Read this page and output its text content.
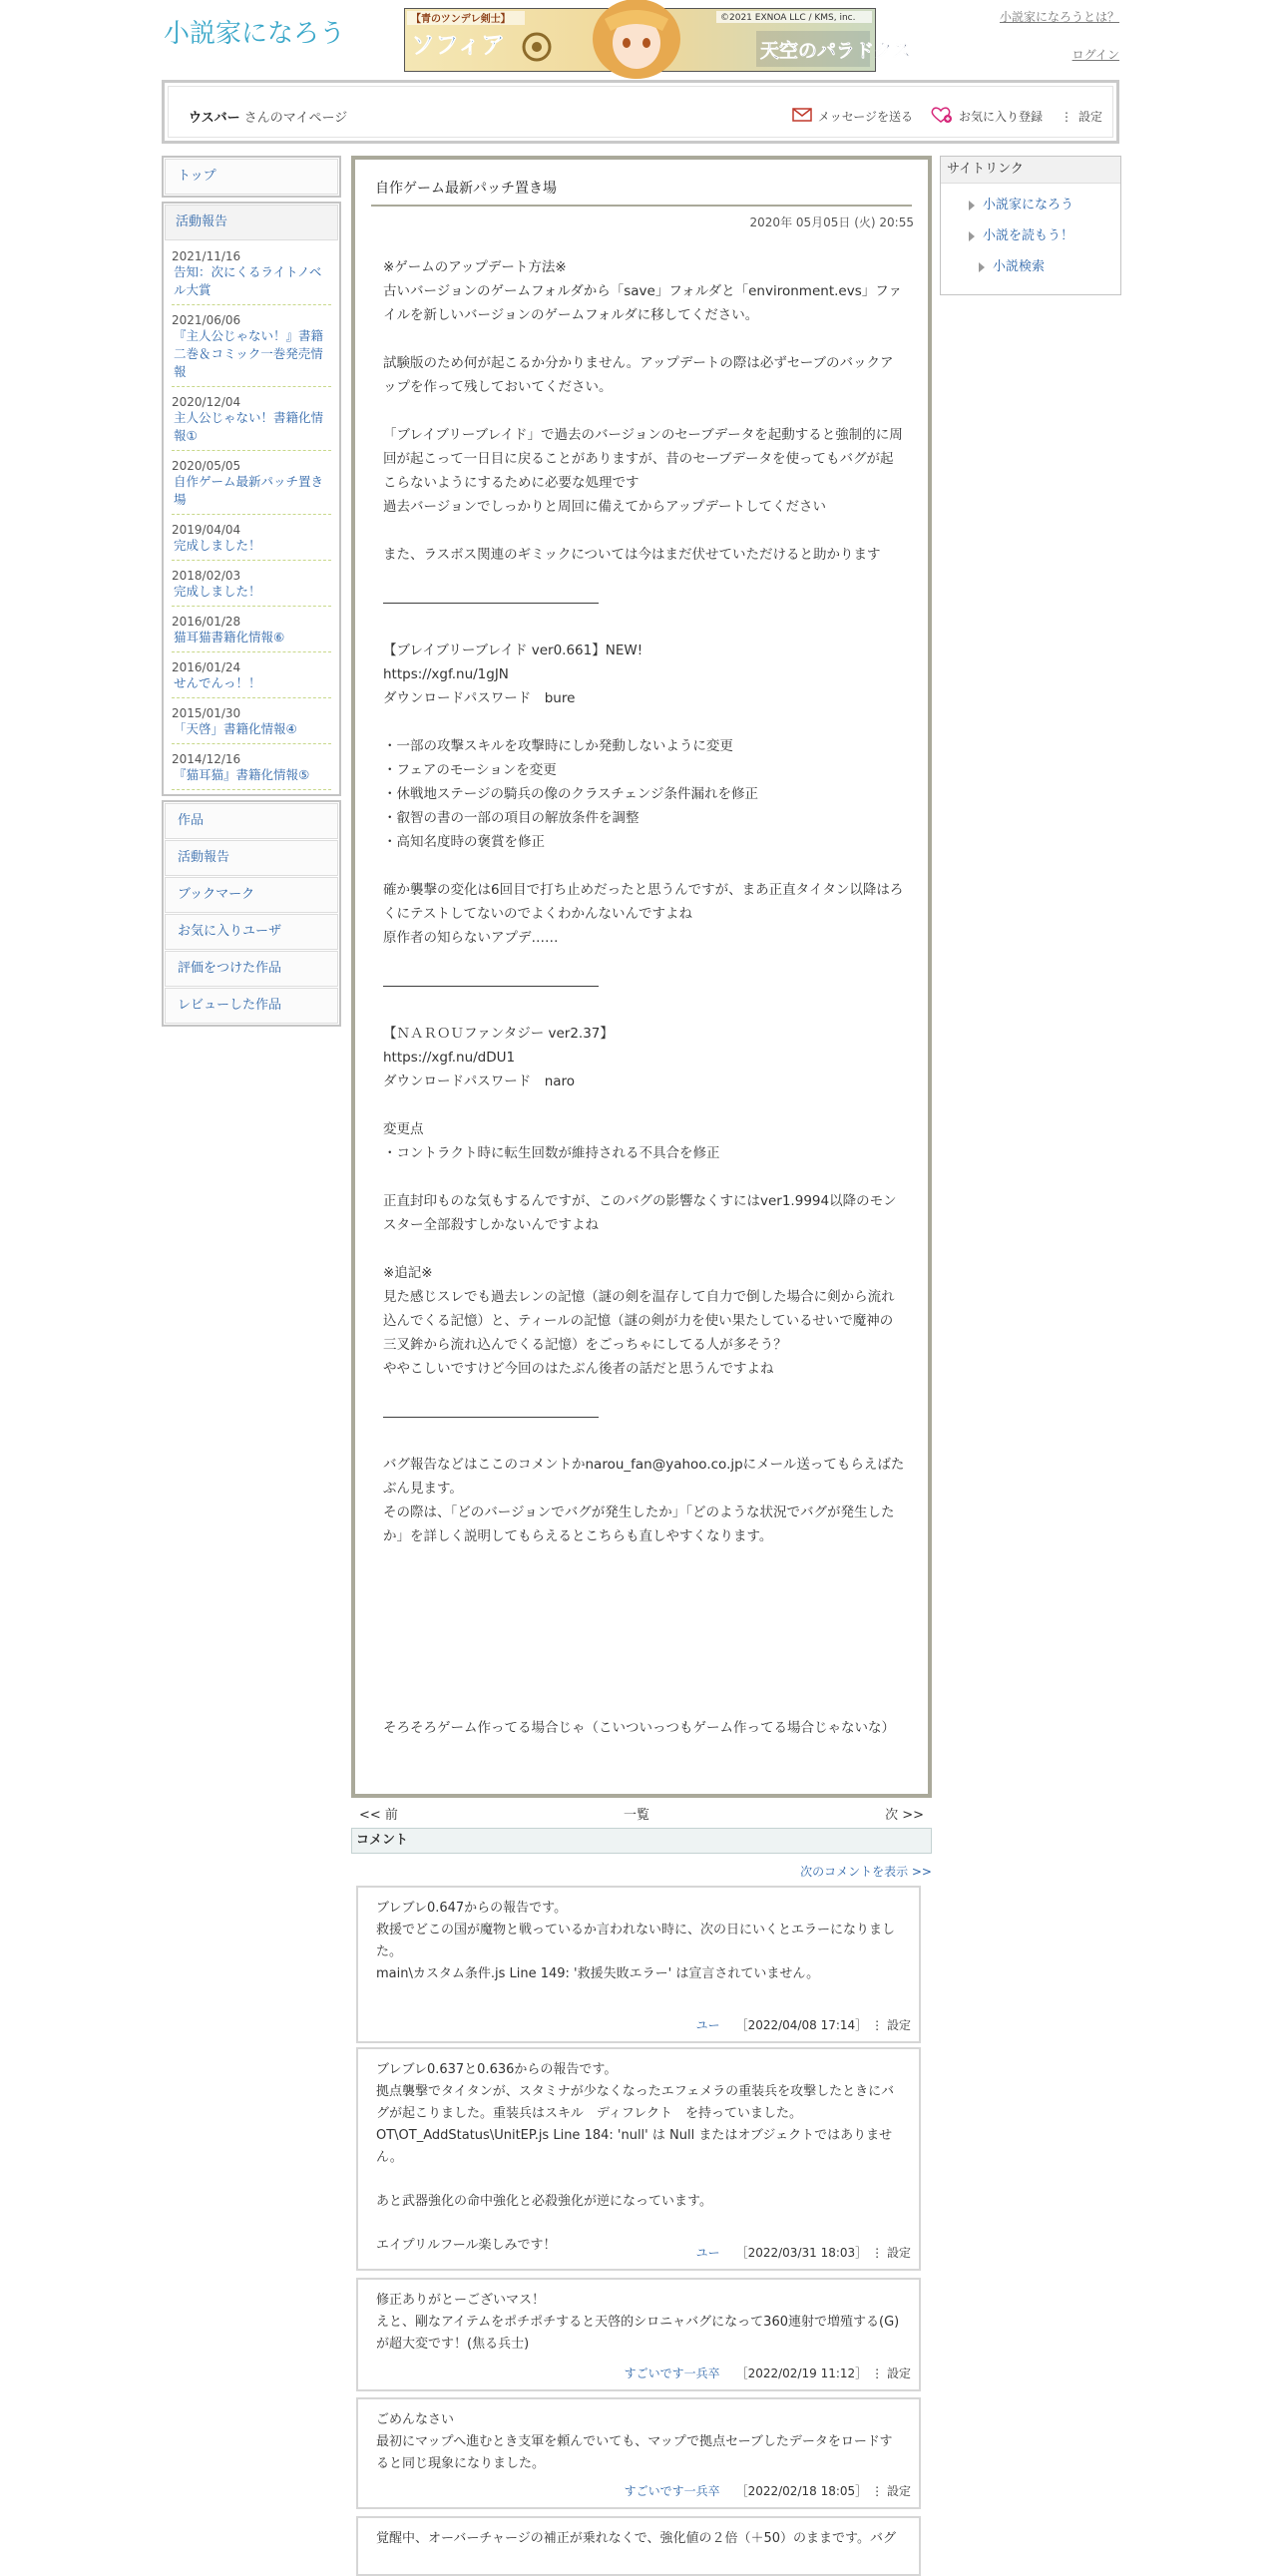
小説家になろう	【青のツンデレ剣士】
ソフィア
©2021 EXNOA LLC / KMS, inc.
天空のパラドクス
小説家になろうとは？
ログイン
ウスバー さんのマイページ	メッセージを送る	お気に入り登録 ⋮ 設定
トップ
活動報告
2021/11/16
告知：次にくるライトノベル大賞
2021/06/06
『主人公じゃない！』書籍二巻＆コミック一巻発売情報
2020/12/04
主人公じゃない！書籍化情報①
2020/05/05
自作ゲーム最新パッチ置き場
2019/04/04
完成しました！
2018/02/03
完成しました！
2016/01/28
猫耳猫書籍化情報⑥
2016/01/24
せんでんっ！！
2015/01/30
「天啓」書籍化情報④
2014/12/16
『猫耳猫』書籍化情報⑤
作品
活動報告
ブックマーク
お気に入りユーザ
評価をつけた作品
レビューした作品
自作ゲーム最新パッチ置き場
2020年 05月05日 (火) 20:55

※ゲームのアップデート方法※
古いバージョンのゲームフォルダから「save」フォルダと「environment.evs」ファイルを新しいバージョンのゲームフォルダに移してください。

試験版のため何が起こるか分かりません。アップデートの際は必ずセーブのバックアップを作って残しておいてください。

「ブレイブリーブレイド」で過去のバージョンのセーブデータを起動すると強制的に周回が起こって一日目に戻ることがありますが、昔のセーブデータを使ってもバグが起こらないようにするために必要な処理です
過去バージョンでしっかりと周回に備えてからアップデートしてください

また、ラスボス関連のギミックについては今はまだ伏せていただけると助かります

――――――――――――――――

【ブレイブリーブレイド ver0.661】NEW!
https://xgf.nu/1gJN
ダウンロードパスワード　bure

・一部の攻撃スキルを攻撃時にしか発動しないように変更
・フェアのモーションを変更
・休戦地ステージの騎兵の像のクラスチェンジ条件漏れを修正
・叡智の書の一部の項目の解放条件を調整
・高知名度時の褒賞を修正

確か襲撃の変化は6回目で打ち止めだったと思うんですが、まあ正直タイタン以降はろくにテストしてないのでよくわかんないんですよね
原作者の知らないアプデ……

――――――――――――――――

【ＮＡＲＯＵファンタジー ver2.37】
https://xgf.nu/dDU1
ダウンロードパスワード　naro

変更点
・コントラクト時に転生回数が維持される不具合を修正

正直封印ものな気もするんですが、このバグの影響なくすにはver1.9994以降のモンスター全部殺すしかないんですよね

※追記※
見た感じスレでも過去レンの記憶（謎の剣を温存して自力で倒した場合に剣から流れ込んでくる記憶）と、ティールの記憶（謎の剣が力を使い果たしているせいで魔神の三叉鉾から流れ込んでくる記憶）をごっちゃにしてる人が多そう？
ややこしいですけど今回のはたぶん後者の話だと思うんですよね

――――――――――――――――

バグ報告などはここのコメントかnarou_fan@yahoo.co.jpにメール送ってもらえばたぶん見ます。
その際は、「どのバージョンでバグが発生したか」「どのような状況でバグが発生したか」を詳しく説明してもらえるとこちらも直しやすくなります。

そろそろゲーム作ってる場合じゃ（こいついっつもゲーム作ってる場合じゃないな）

<< 前	一覧	次 >>
コメント
次のコメントを表示 >>
ブレブレ0.647からの報告です。
救援でどこの国が魔物と戦っているか言われない時に、次の日にいくとエラーになりました。
main\カスタム条件.js Line 149: '救援失敗エラー' は宣言されていません。
ユー ［2022/04/08 17:14］ ⋮ 設定
ブレブレ0.637と0.636からの報告です。
拠点襲撃でタイタンが、スタミナが少なくなったエフェメラの重装兵を攻撃したときにバグが起こりました。重装兵はスキル　ディフレクト　を持っていました。
OT\OT_AddStatus\UnitEP.js Line 184: 'null' は Null またはオブジェクトではありません。

あと武器強化の命中強化と必殺強化が逆になっています。

エイプリルフール楽しみです！	ユー ［2022/03/31 18:03］ ⋮ 設定
修正ありがとーございマス！
えと、剛なアイテムをポチポチすると天啓的シロニャバグになって360連射で増殖する(G)が超大変です！(焦る兵士)
すごいです一兵卒 ［2022/02/19 11:12］ ⋮ 設定
ごめんなさい
最初にマップへ進むとき支軍を頼んでいても、マップで拠点セーブしたデータをロードすると同じ現象になりました。
すごいです一兵卒 ［2022/02/18 18:05］ ⋮ 設定
覚醒中、オーバーチャージの補正が乗れなくで、強化値の２倍（＋50）のままです。バグ
サイトリンク
小説家になろう
小説を読もう！
小説検索
